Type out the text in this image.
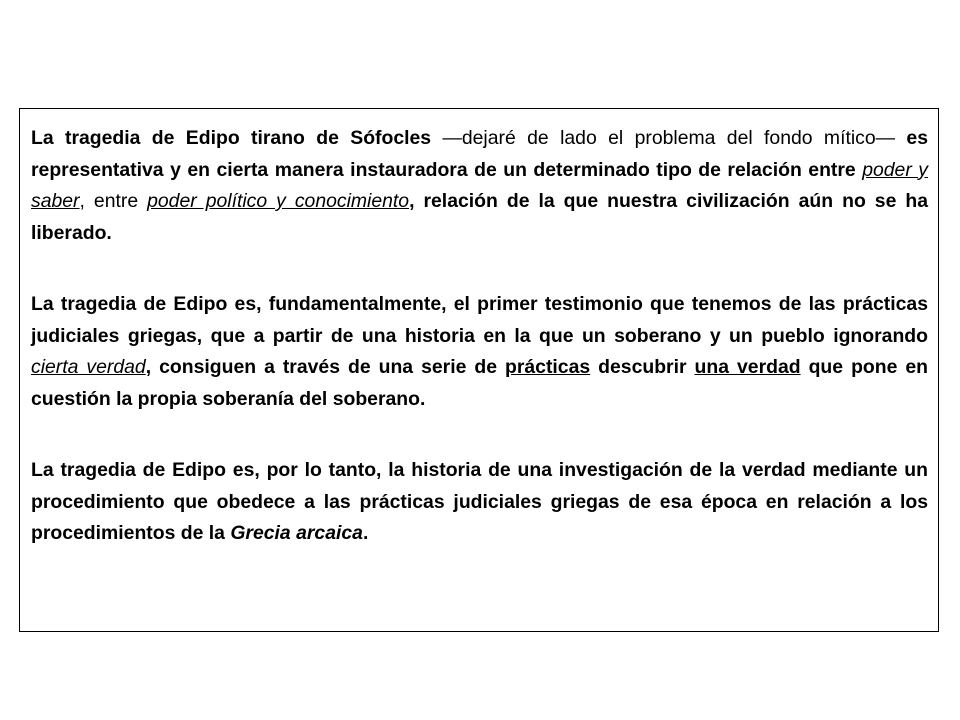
La tragedia de Edipo tirano de Sófocles —dejaré de lado el problema del fondo mítico— es representativa y en cierta manera instauradora de un determinado tipo de relación entre poder y saber, entre poder político y conocimiento, relación de la que nuestra civilización aún no se ha liberado.

La tragedia de Edipo es, fundamentalmente, el primer testimonio que tenemos de las prácticas judiciales griegas, que a partir de una historia en la que un soberano y un pueblo ignorando cierta verdad, consiguen a través de una serie de prácticas descubrir una verdad que pone en cuestión la propia soberanía del soberano.

La tragedia de Edipo es, por lo tanto, la historia de una investigación de la verdad mediante un procedimiento que obedece a las prácticas judiciales griegas de esa época en relación a los procedimientos de la Grecia arcaica.
